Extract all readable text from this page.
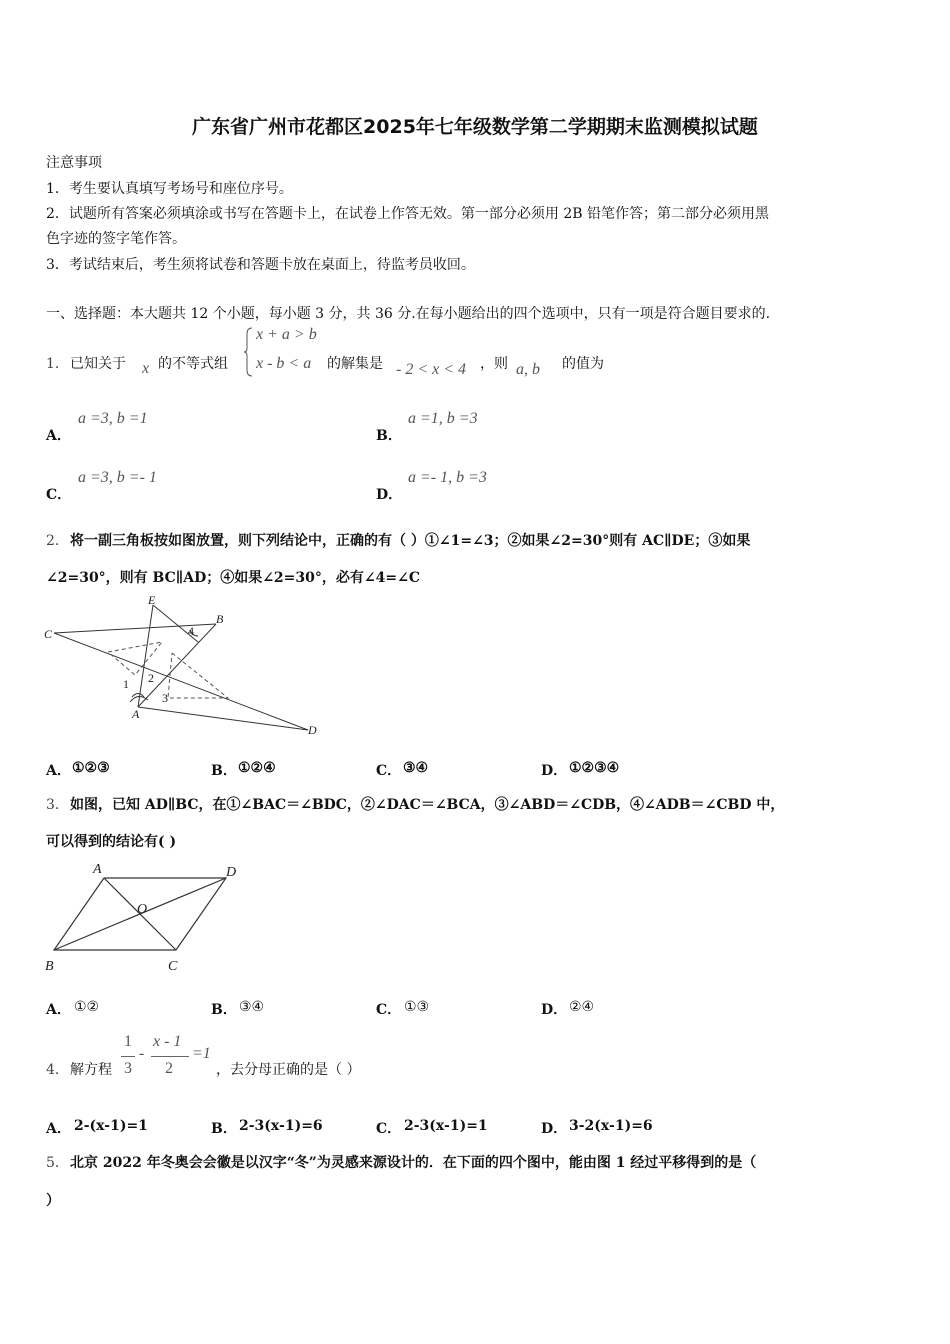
广东省广州市花都区2025年七年级数学第二学期期末监测模拟试题
注意事项
1．考生要认真填写考场号和座位序号。
2．试题所有答案必须填涂或书写在答题卡上，在试卷上作答无效。第一部分必须用 2B 铅笔作答；第二部分必须用黑
色字迹的签字笔作答。
3．考试结束后，考生须将试卷和答题卡放在桌面上，待监考员收回。
一、选择题：本大题共 12 个小题，每小题 3 分，共 36 分.在每小题给出的四个选项中，只有一项是符合题目要求的.
1． 已知关于 x 的不等式组
x + a > b
x - b < a 的解集是 - 2 < x < 4 ，则 a, b 的值为
A．
a =3, b =1
B．
a =1, b =3
C．
a =3, b =- 1
D．
a =- 1, b =3
2． 将一副三角板按如图放置，则下列结论中，正确的有（ ）①∠1=∠3；②如果∠2=30°则有 AC∥DE；③如果
∠2=30°，则有 BC∥AD；④如果∠2=30°，必有∠4=∠C
E
B
C
A
D
1 2
3
4
A． ①②③	B． ①②④	C． ③④	D． ①②③④
3． 如图，已知 AD∥BC，在①∠BAC＝∠BDC，②∠DAC＝∠BCA，③∠ABD＝∠CDB，④∠ADB＝∠CBD 中，
可以得到的结论有( )
A	D
O
B	C
A． ①②	B． ③④	C． ①③	D． ②④
4． 解方程
1
3
-
x - 1
2
=1
，去分母正确的是（ ）
A． 2-(x-1)=1	B． 2-3(x-1)=6	C． 2-3(x-1)=1	D． 3-2(x-1)=6
5． 北京 2022 年冬奥会会徽是以汉字“冬”为灵感来源设计的．在下面的四个图中，能由图 1 经过平移得到的是（
）
